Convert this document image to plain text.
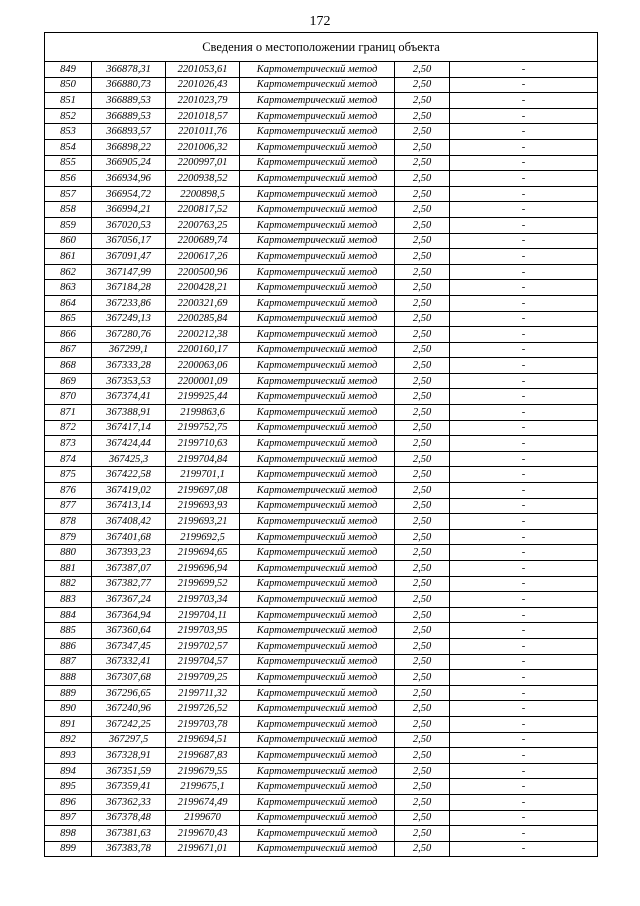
172
Сведения о местоположении границ объекта					
849	366878,31	2201053,61	Картометрический метод	2,50	-
850	366880,73	2201026,43	Картометрический метод	2,50	-
851	366889,53	2201023,79	Картометрический метод	2,50	-
852	366889,53	2201018,57	Картометрический метод	2,50	-
853	366893,57	2201011,76	Картометрический метод	2,50	-
854	366898,22	2201006,32	Картометрический метод	2,50	-
855	366905,24	2200997,01	Картометрический метод	2,50	-
856	366934,96	2200938,52	Картометрический метод	2,50	-
857	366954,72	2200898,5	Картометрический метод	2,50	-
858	366994,21	2200817,52	Картометрический метод	2,50	-
859	367020,53	2200763,25	Картометрический метод	2,50	-
860	367056,17	2200689,74	Картометрический метод	2,50	-
861	367091,47	2200617,26	Картометрический метод	2,50	-
862	367147,99	2200500,96	Картометрический метод	2,50	-
863	367184,28	2200428,21	Картометрический метод	2,50	-
864	367233,86	2200321,69	Картометрический метод	2,50	-
865	367249,13	2200285,84	Картометрический метод	2,50	-
866	367280,76	2200212,38	Картометрический метод	2,50	-
867	367299,1	2200160,17	Картометрический метод	2,50	-
868	367333,28	2200063,06	Картометрический метод	2,50	-
869	367353,53	2200001,09	Картометрический метод	2,50	-
870	367374,41	2199925,44	Картометрический метод	2,50	-
871	367388,91	2199863,6	Картометрический метод	2,50	-
872	367417,14	2199752,75	Картометрический метод	2,50	-
873	367424,44	2199710,63	Картометрический метод	2,50	-
874	367425,3	2199704,84	Картометрический метод	2,50	-
875	367422,58	2199701,1	Картометрический метод	2,50	-
876	367419,02	2199697,08	Картометрический метод	2,50	-
877	367413,14	2199693,93	Картометрический метод	2,50	-
878	367408,42	2199693,21	Картометрический метод	2,50	-
879	367401,68	2199692,5	Картометрический метод	2,50	-
880	367393,23	2199694,65	Картометрический метод	2,50	-
881	367387,07	2199696,94	Картометрический метод	2,50	-
882	367382,77	2199699,52	Картометрический метод	2,50	-
883	367367,24	2199703,34	Картометрический метод	2,50	-
884	367364,94	2199704,11	Картометрический метод	2,50	-
885	367360,64	2199703,95	Картометрический метод	2,50	-
886	367347,45	2199702,57	Картометрический метод	2,50	-
887	367332,41	2199704,57	Картометрический метод	2,50	-
888	367307,68	2199709,25	Картометрический метод	2,50	-
889	367296,65	2199711,32	Картометрический метод	2,50	-
890	367240,96	2199726,52	Картометрический метод	2,50	-
891	367242,25	2199703,78	Картометрический метод	2,50	-
892	367297,5	2199694,51	Картометрический метод	2,50	-
893	367328,91	2199687,83	Картометрический метод	2,50	-
894	367351,59	2199679,55	Картометрический метод	2,50	-
895	367359,41	2199675,1	Картометрический метод	2,50	-
896	367362,33	2199674,49	Картометрический метод	2,50	-
897	367378,48	2199670	Картометрический метод	2,50	-
898	367381,63	2199670,43	Картометрический метод	2,50	-
899	367383,78	2199671,01	Картометрический метод	2,50	-
